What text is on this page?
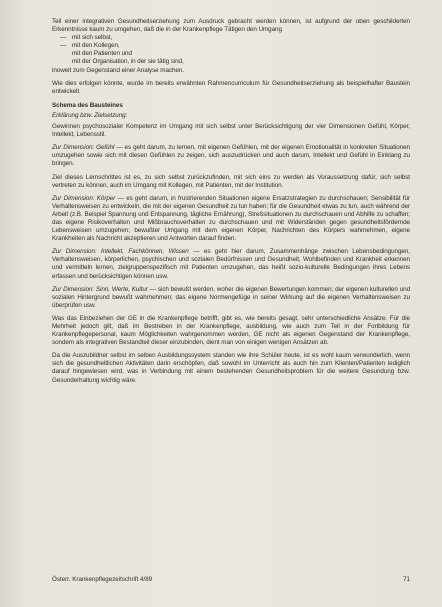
Teil einer integrativen Gesundheitserziehung zum Ausdruck gebracht werden können, ist aufgrund der oben geschilderten Erkenntnisse kaum zu umgehen, daß die in der Krankenpflege Tätigen den Umgang

— mit sich selbst,
— mit den Kollegen,
mit den Patienten und
mit der Organisation, in der sie tätig sind,

inoweit zum Gegenstand einer Analyse machen.

Wie dies erfolgen könnte, wurde im bereits erwähnten Rahmencurriculum für Gesundheitserziehung als beispielhafter Baustein entwickelt.

Schema des Bausteines

Erklärung bzw. Zielsetzung:

Gewinnen psychosozialer Kompetenz im Umgang mit sich selbst unter Berücksichtigung der vier Dimensionen Gefühl, Körper, Intellekt, Lebensstil.

Zur Dimension: Gefühl — es geht darum, zu lernen, mit eigenen Gefühlen, mit der eigenen Emotionalität in konkreten Situationen umzugehen sowie sich mit diesen Gefühlen zu zeigen, sich auszudrücken und auch darum, Intellekt und Gefühl in Einklang zu bringen.

Ziel dieses Lernschrittes ist es, zu sich selbst zurückzufinden, mit sich eins zu werden als Voraussetzung dafür, sich selbst vertreten zu können, auch im Umgang mit Kollegen, mit Patienten, mit der Institution.

Zur Dimension: Körper — es geht darum, in frustrierenden Situationen eigene Ersatzstrategien zu durchschauen; Sensibilität für Verhaltensweisen zu entwickeln, die mit der eigenen Gesundheit zu tun haben; für die Gesundheit etwas zu tun, auch während der Arbeit (z.B. Beispiel Spannung und Entspannung, tägliche Ernährung), Streßsituationen zu durchschauen und Abhilfe zu schaffen; das eigene Risikoverhalten und Mißbrauchsverhalten zu durchschauen und mit Widerständen gegen gesundheitsfördernde Lebensweisen umzugehen; bewußter Umgang mit dem eigenen Körper, Nachrichten des Körpers wahrnehmen, eigene Krankheiten als Nachricht akzeptieren und Antworten darauf finden.

Zur Dimension: Intellekt, Fachkönnen, Wissen — es geht hier darum, Zusammenhänge zwischen Lebensbedingungen, Verhaltensweisen, körperlichen, psychischen und sozialen Bedürfnissen und Gesundheit, Wohlbefinden und Krankheit erkennen und vermitteln lernen, zielgruppenspezifisch mit Patienten umzugehen, das heißt sozio-kulturelle Bedingungen ihres Lebens erfassen und berücksichtigen können usw.

Zur Dimension: Sinn, Werte, Kultur — sich bewußt werden, woher die eigenen Bewertungen kommen; der eigenen kulturellen und sozialen Hintergrund bewußt wahrnehmen; das eigene Normengefüge in seiner Wirkung auf die eigenen Verhaltensweisen zu überprüfen usw.

Was das Einbeziehen der GE in die Krankenpflege betrifft, gibt es, wie bereits gesagt, sehr unterschiedliche Ansätze. Für die Mehrheit jedoch gilt, daß im Bestreben in der Krankenpflege, ausbildung, wie auch zum Teil in der Fortbildung für Krankenpflegepersonal, kaum Möglichkeiten wahrgenommen werden, GE nicht als eigenen Gegenstand der Krankenpflege, sondern als integrativen Bestandteil dieser einzubinden, dient man von einigen wenigen Ansätzen ab.

Da die Auszubildner selbst im selben Ausbildungssystem standen wie ihre Schüler heute, ist es wohl kaum verwunderlich, wenn sich die gesundheitlichen Aktivitäten darin erschöpfen, daß sowohl im Unterricht als auch hin zum Klienten/Patienten lediglich darauf hingewiesen wird, was in Verbindung mit einem bestehenden Gesundheitsproblem für die weitere Gesundung bzw. Gesunderhaltung wichtig wäre.

Österr. Krankenpflegezeitschrift 4/89	71
